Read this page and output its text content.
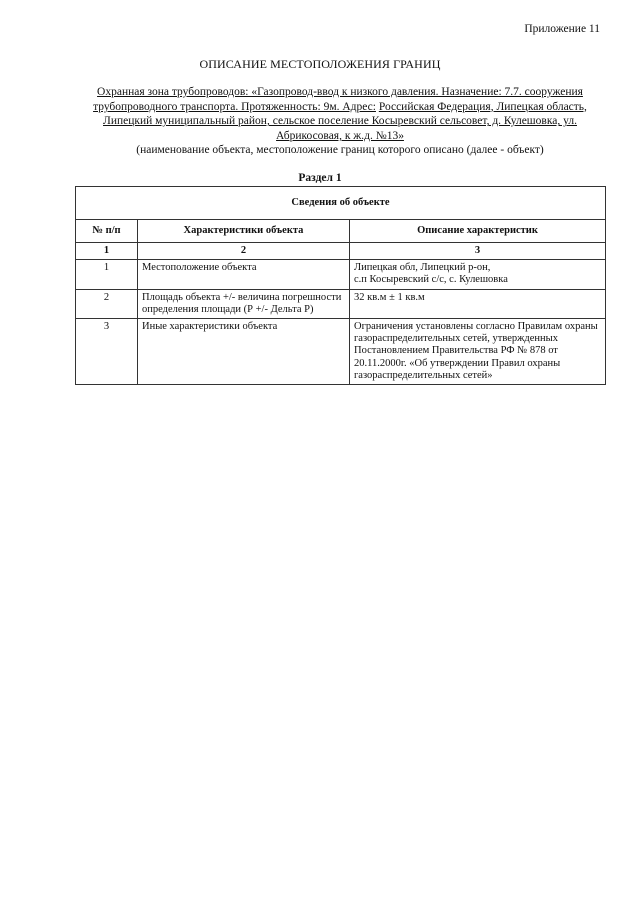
Приложение 11
ОПИСАНИЕ МЕСТОПОЛОЖЕНИЯ ГРАНИЦ
Охранная зона трубопроводов: «Газопровод-ввод к низкого давления. Назначение: 7.7. сооружения трубопроводного транспорта. Протяженность: 9м. Адрес: Российская Федерация, Липецкая область, Липецкий муниципальный район, сельское поселение Косыревский сельсовет, д. Кулешовка, ул. Абрикосовая, к ж.д. №13»
(наименование объекта, местоположение границ которого описано (далее - объект)
Раздел 1
Сведения об объекте		
№ п/п	Характеристики объекта	Описание характеристик
1	2	3
1	Местоположение объекта	Липецкая обл, Липецкий р-он,
с.п Косыревский с/с, с. Кулешовка
2	Площадь объекта +/- величина погрешности определения площади (Р +/- Дельта Р)	32 кв.м ± 1 кв.м
3	Иные характеристики объекта	Ограничения установлены согласно Правилам охраны газораспределительных сетей, утвержденных Постановлением Правительства РФ № 878 от 20.11.2000г. «Об утверждении Правил охраны газораспределительных сетей»
